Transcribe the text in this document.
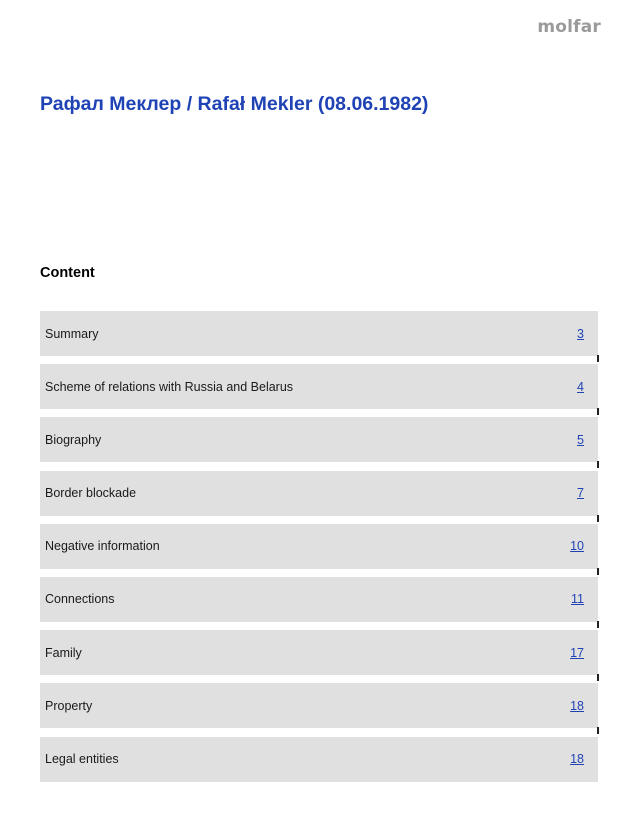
molfar
Рафал Меклер / Rafał Mekler (08.06.1982)
Content
Summary	3
Scheme of relations with Russia and Belarus	4
Biography	5
Border blockade	7
Negative information	10
Connections	11
Family	17
Property	18
Legal entities	18
